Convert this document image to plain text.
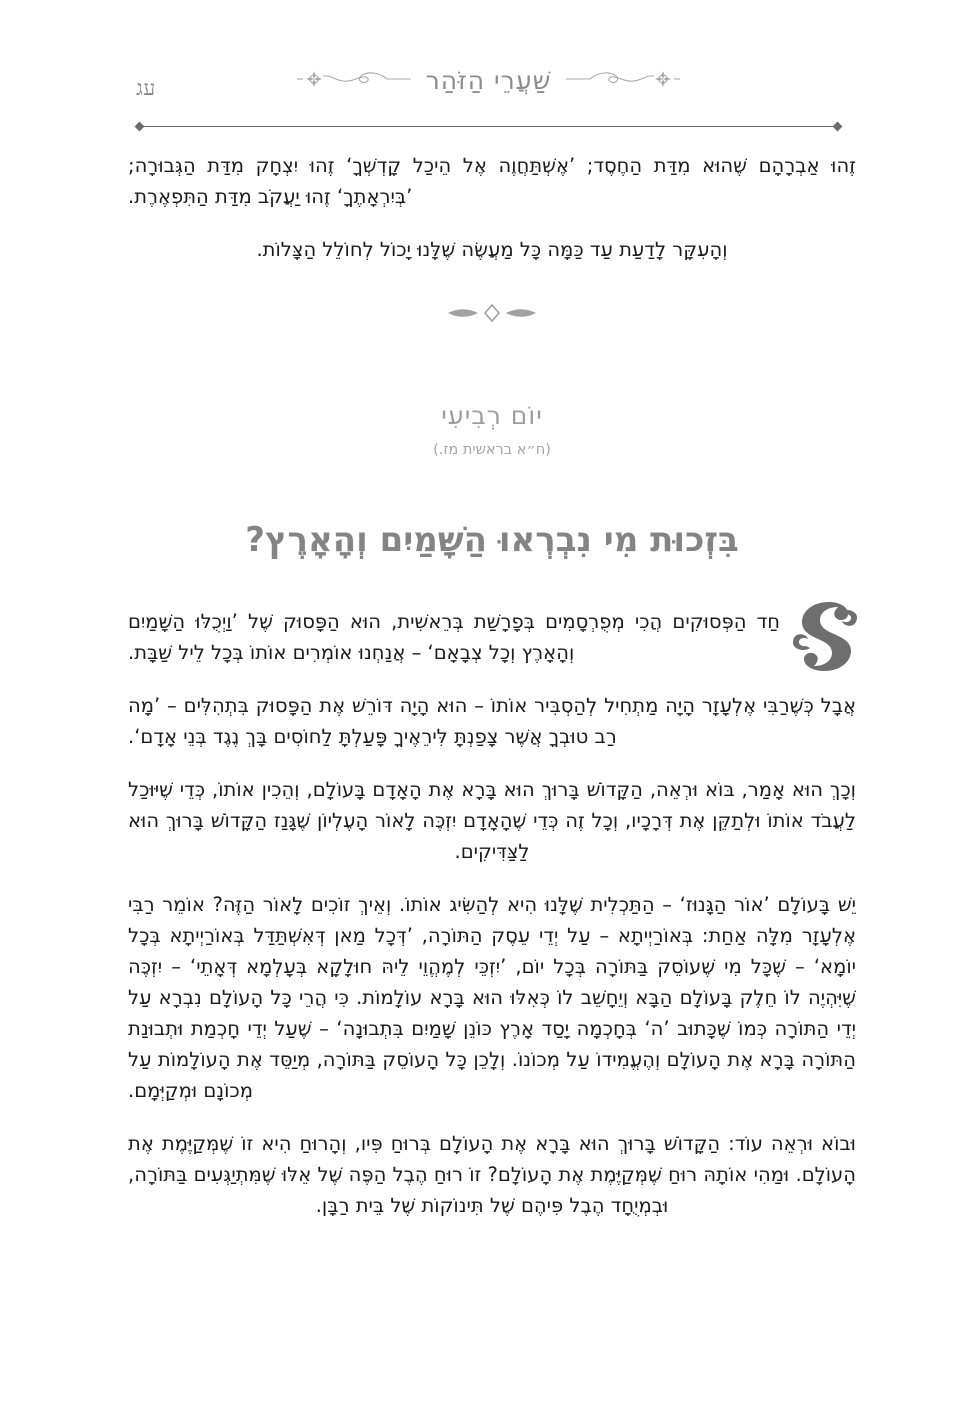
עג	שַׁעֲרֵי הַזֹּהַר

זֶהוּ אַבְרָהָם שֶׁהוּא מִדַּת הַחֶסֶד; ’אֶשְׁתַּחֲוֶה אֶל הֵיכַל קָדְשְׁךָ‘ זֶהוּ יִצְחָק מִדַּת הַגְּבוּרָה; ’בְּיִרְאָתֶךָ‘ זֶהוּ יַעֲקֹב מִדַּת הַתִּפְאֶרֶת.

וְהָעִקָּר לָדַעַת עַד כַּמָּה כָּל מַעֲשֶׂה שֶׁלָּנוּ יָכוֹל לְחוֹלֵל הַצָּלוֹת.

יוֹם רְבִיעִי
(ח״א בראשית מז.)
בִּזְכוּת מִי נִבְרְאוּ הַשָּׁמַיִם וְהָאָרֶץ?

חַד הַפְּסוּקִים הֲכִי מְפֻרְסָמִים בְּפָרָשַׁת בְּרֵאשִׁית, הוּא הַפָּסוּק שֶׁל ’וַיְכֻלּוּ הַשָּׁמַיִם וְהָאָרֶץ וְכָל צְבָאָם‘ – אֲנַחְנוּ אוֹמְרִים אוֹתוֹ בְּכָל לֵיל שַׁבָּת.

אֲבָל כְּשֶׁרַבִּי אֶלְעָזָר הָיָה מַתְחִיל לְהַסְבִּיר אוֹתוֹ – הוּא הָיָה דּוֹרֵשׁ אֶת הַפָּסוּק בִּתְהִלִּים – ’מָה רַב טוּבְךָ אֲשֶׁר צָפַנְתָּ לִּירֵאֶיךָ פָּעַלְתָּ לַחוֹסִים בָּךְ נֶגֶד בְּנֵי אָדָם‘.

וְכָךְ הוּא אָמַר, בּוֹא וּרְאֵה, הַקָּדוֹשׁ בָּרוּךְ הוּא בָּרָא אֶת הָאָדָם בָּעוֹלָם, וְהֵכִין אוֹתוֹ, כְּדֵי שֶׁיּוּכַל לַעֲבֹד אוֹתוֹ וּלְתַקֵּן אֶת דְּרָכָיו, וְכָל זֶה כְּדֵי שֶׁהָאָדָם יִזְכֶּה לָאוֹר הָעֶלְיוֹן שֶׁגָּנַז הַקָּדוֹשׁ בָּרוּךְ הוּא לַצַּדִּיקִים.

יֵשׁ בָּעוֹלָם ’אוֹר הַגָּנוּז‘ – הַתַּכְלִית שֶׁלָּנוּ הִיא לְהַשִּׂיג אוֹתוֹ. וְאֵיךְ זוֹכִים לָאוֹר הַזֶּה? אוֹמֵר רַבִּי אֶלְעָזָר מִלָּה אַחַת: בְּאוֹרַיְיתָא – עַל יְדֵי עֵסֶק הַתּוֹרָה, ’דְּכָל מַאן דְּאִשְׁתַּדַּל בְּאוֹרַיְיתָא בְּכָל יוֹמָא‘ – שֶׁכָּל מִי שֶׁעוֹסֵק בַּתּוֹרָה בְּכָל יוֹם, ’יִזְכֵּי לְמֶהֱוֵי לֵיהּ חוּלָקָא בְּעָלְמָא דְּאָתֵי‘ – יִזְכֶּה שֶׁיִּהְיֶה לוֹ חֵלֶק בָּעוֹלָם הַבָּא וְיֵחָשֵׁב לוֹ כְּאִלּוּ הוּא בָּרָא עוֹלָמוֹת. כִּי הֲרֵי כָּל הָעוֹלָם נִבְרָא עַל יְדֵי הַתּוֹרָה כְּמוֹ שֶׁכָּתוּב ’ה‘ בְּחָכְמָה יָסַד אָרֶץ כּוֹנֵן שָׁמַיִם בִּתְבוּנָה‘ – שֶׁעַל יְדֵי חָכְמַת וּתְבוּנַת הַתּוֹרָה בָּרָא אֶת הָעוֹלָם וְהֶעֱמִידוֹ עַל מְכוֹנוֹ. וְלָכֵן כָּל הָעוֹסֵק בַּתּוֹרָה, מְיַסֵּד אֶת הָעוֹלָמוֹת עַל מְכוֹנָם וּמְקַיְּמָם.

וּבוֹא וּרְאֵה עוֹד: הַקָּדוֹשׁ בָּרוּךְ הוּא בָּרָא אֶת הָעוֹלָם בְּרוּחַ פִּיו, וְהָרוּחַ הִיא זוֹ שֶׁמְּקַיֶּמֶת אֶת הָעוֹלָם. וּמַהִי אוֹתָהּ רוּחַ שֶׁמְּקַיֶּמֶת אֶת הָעוֹלָם? זוֹ רוּחַ הֶבֶל הַפֶּה שֶׁל אֵלּוּ שֶׁמִּתְיַגְּעִים בַּתּוֹרָה, וּבְמְיֻחָד הֶבֶל פִּיהֶם שֶׁל תִּינוֹקוֹת שֶׁל בֵּית רַבָּן.
